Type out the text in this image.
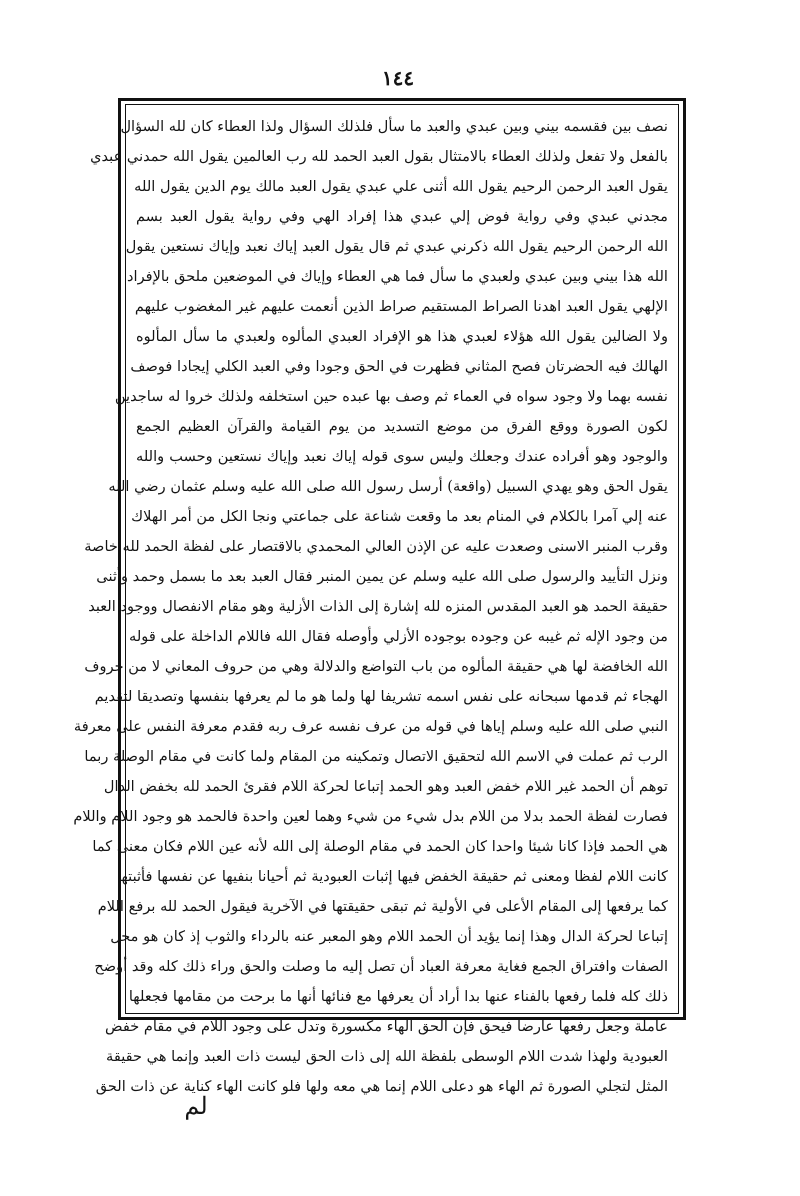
١٤٤
نصف بين فقسمه بيني وبين عبدي والعبد ما سأل فلذلك السؤال ولذا العطاء كان لله السؤال
بالفعل ولا تفعل ولذلك العطاء بالامتثال بقول العبد الحمد لله رب العالمين يقول الله حمدني عبدي
يقول العبد الرحمن الرحيم يقول الله أثنى علي عبدي يقول العبد مالك يوم الدين يقول الله
مجدني عبدي وفي رواية فوض إلي عبدي هذا إفراد الهي وفي رواية يقول العبد بسم
الله الرحمن الرحيم يقول الله ذكرني عبدي ثم قال يقول العبد إياك نعبد وإياك نستعين يقول
الله هذا بيني وبين عبدي ولعبدي ما سأل فما هي العطاء وإياك في الموضعين ملحق بالإفراد
الإلهي يقول العبد اهدنا الصراط المستقيم صراط الذين أنعمت عليهم غير المغضوب عليهم
ولا الضالين يقول الله هؤلاء لعبدي هذا هو الإفراد العبدي المألوه ولعبدي ما سأل المألوه
الهالك فيه الحضرتان فصح المثاني فظهرت في الحق وجودا وفي العبد الكلي إيجادا فوصف
نفسه بهما ولا وجود سواه في العماء ثم وصف بها عبده حين استخلفه ولذلك خروا له ساجدين
لكون الصورة ووقع الفرق من موضع التسديد من يوم القيامة والقرآن العظيم الجمع
والوجود وهو أفراده عندك وجعلك وليس سوى قوله إياك نعبد وإياك نستعين وحسب والله
يقول الحق وهو يهدي السبيل (واقعة) أرسل رسول الله صلى الله عليه وسلم عثمان رضي الله
عنه إلي آمرا بالكلام في المنام بعد ما وقعت شناعة على جماعتي ونجا الكل من أمر الهلاك
وقرب المنبر الاسنى وصعدت عليه عن الإذن العالي المحمدي بالاقتصار على لفظة الحمد لله خاصة
ونزل التأييد والرسول صلى الله عليه وسلم عن يمين المنبر فقال العبد بعد ما بسمل وحمد وأثنى
حقيقة الحمد هو العبد المقدس المنزه لله إشارة إلى الذات الأزلية وهو مقام الانفصال ووجود العبد
من وجود الإله ثم غيبه عن وجوده بوجوده الأزلي وأوصله فقال الله فاللام الداخلة على قوله
الله الخافضة لها هي حقيقة المألوه من باب التواضع والدلالة وهي من حروف المعاني لا من حروف
الهجاء ثم قدمها سبحانه على نفس اسمه تشريفا لها ولما هو ما لم يعرفها بنفسها وتصديقا لتقديم
النبي صلى الله عليه وسلم إياها في قوله من عرف نفسه عرف ربه فقدم معرفة النفس على معرفة
الرب ثم عملت في الاسم الله لتحقيق الاتصال وتمكينه من المقام ولما كانت في مقام الوصلة ربما
توهم أن الحمد غير اللام خفض العبد وهو الحمد إتباعا لحركة اللام فقرئ الحمد لله بخفض الدال
فصارت لفظة الحمد بدلا من اللام بدل شيء من شيء وهما لعين واحدة فالحمد هو وجود اللام واللام
هي الحمد فإذا كانا شيئا واحدا كان الحمد في مقام الوصلة إلى الله لأنه عين اللام فكان معنى كما
كانت اللام لفظا ومعنى ثم حقيقة الخفض فيها إثبات العبودية ثم أحيانا بنفيها عن نفسها فأثبتها
كما يرفعها إلى المقام الأعلى في الأولية ثم تبقى حقيقتها في الآخرية فيقول الحمد لله برفع اللام
إتباعا لحركة الدال وهذا إنما يؤيد أن الحمد اللام وهو المعبر عنه بالرداء والثوب إذ كان هو محل
الصفات وافتراق الجمع فغاية معرفة العباد أن تصل إليه ما وصلت والحق وراء ذلك كله وقد أوضح
ذلك كله فلما رفعها بالفناء عنها بدا أراد أن يعرفها مع فنائها أنها ما برحت من مقامها فجعلها
عاملة وجعل رفعها عارضا فيحق فإن الحق الهاء مكسورة وتدل على وجود اللام في مقام خفض
العبودية ولهذا شدت اللام الوسطى بلفظة الله إلى ذات الحق ليست ذات العبد وإنما هي حقيقة
المثل لتجلي الصورة ثم الهاء هو دعلى اللام إنما هي معه ولها فلو كانت الهاء كناية عن ذات الحق
لم
